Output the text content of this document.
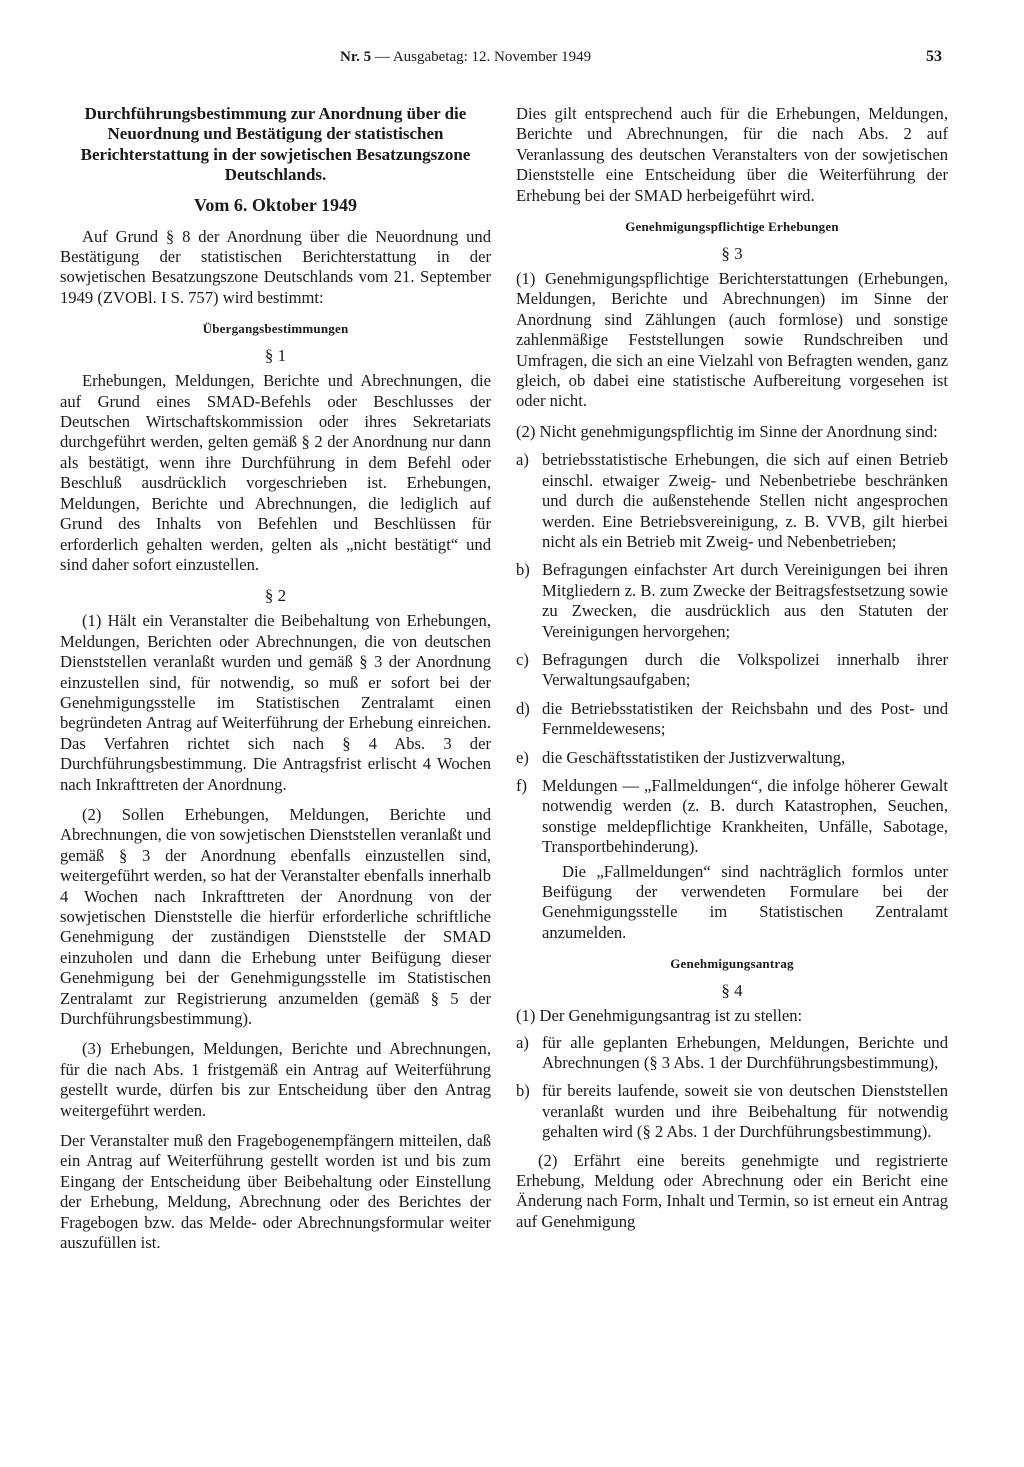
Nr. 5 — Ausgabetag: 12. November 1949	53
Durchführungsbestimmung zur Anordnung über die Neuordnung und Bestätigung der statistischen Berichterstattung in der sowjetischen Besatzungszone Deutschlands.
Vom 6. Oktober 1949

Auf Grund § 8 der Anordnung über die Neuordnung und Bestätigung der statistischen Berichterstattung in der sowjetischen Besatzungszone Deutschlands vom 21. September 1949 (ZVOBl. I S. 757) wird bestimmt:

Übergangsbestimmungen
§ 1

Erhebungen, Meldungen, Berichte und Abrechnungen, die auf Grund eines SMAD-Befehls oder Beschlusses der Deutschen Wirtschaftskommission oder ihres Sekretariats durchgeführt werden, gelten gemäß § 2 der Anordnung nur dann als bestätigt, wenn ihre Durchführung in dem Befehl oder Beschluß ausdrücklich vorgeschrieben ist. Erhebungen, Meldungen, Berichte und Abrechnungen, die lediglich auf Grund des Inhalts von Befehlen und Beschlüssen für erforderlich gehalten werden, gelten als „nicht bestätigt“ und sind daher sofort einzustellen.

§ 2

(1) Hält ein Veranstalter die Beibehaltung von Erhebungen, Meldungen, Berichten oder Abrechnungen, die von deutschen Dienststellen veranlaßt wurden und gemäß § 3 der Anordnung einzustellen sind, für notwendig, so muß er sofort bei der Genehmigungsstelle im Statistischen Zentralamt einen begründeten Antrag auf Weiterführung der Erhebung einreichen. Das Verfahren richtet sich nach § 4 Abs. 3 der Durchführungsbestimmung. Die Antragsfrist erlischt 4 Wochen nach Inkrafttreten der Anordnung.

(2) Sollen Erhebungen, Meldungen, Berichte und Abrechnungen, die von sowjetischen Dienststellen veranlaßt und gemäß § 3 der Anordnung ebenfalls einzustellen sind, weitergeführt werden, so hat der Veranstalter ebenfalls innerhalb 4 Wochen nach Inkrafttreten der Anordnung von der sowjetischen Dienststelle die hierfür erforderliche schriftliche Genehmigung der zuständigen Dienststelle der SMAD einzuholen und dann die Erhebung unter Beifügung dieser Genehmigung bei der Genehmigungsstelle im Statistischen Zentralamt zur Registrierung anzumelden (gemäß § 5 der Durchführungsbestimmung).

(3) Erhebungen, Meldungen, Berichte und Abrechnungen, für die nach Abs. 1 fristgemäß ein Antrag auf Weiterführung gestellt wurde, dürfen bis zur Entscheidung über den Antrag weitergeführt werden.

Der Veranstalter muß den Fragebogenempfängern mitteilen, daß ein Antrag auf Weiterführung gestellt worden ist und bis zum Eingang der Entscheidung über Beibehaltung oder Einstellung der Erhebung, Meldung, Abrechnung oder des Berichtes der Fragebogen bzw. das Melde- oder Abrechnungsformular weiter auszufüllen ist.

Dies gilt entsprechend auch für die Erhebungen, Meldungen, Berichte und Abrechnungen, für die nach Abs. 2 auf Veranlassung des deutschen Veranstalters von der sowjetischen Dienststelle eine Entscheidung über die Weiterführung der Erhebung bei der SMAD herbeigeführt wird.

Genehmigungspflichtige Erhebungen
§ 3

(1) Genehmigungspflichtige Berichterstattungen (Erhebungen, Meldungen, Berichte und Abrechnungen) im Sinne der Anordnung sind Zählungen (auch formlose) und sonstige zahlenmäßige Feststellungen sowie Rundschreiben und Umfragen, die sich an eine Vielzahl von Befragten wenden, ganz gleich, ob dabei eine statistische Aufbereitung vorgesehen ist oder nicht.

(2) Nicht genehmigungspflichtig im Sinne der Anordnung sind:

a) betriebsstatistische Erhebungen, die sich auf einen Betrieb einschl. etwaiger Zweig- und Nebenbetriebe beschränken und durch die außenstehende Stellen nicht angesprochen werden. Eine Betriebsvereinigung, z. B. VVB, gilt hierbei nicht als ein Betrieb mit Zweig- und Nebenbetrieben;
b) Befragungen einfachster Art durch Vereinigungen bei ihren Mitgliedern z. B. zum Zwecke der Beitragsfestsetzung sowie zu Zwecken, die ausdrücklich aus den Statuten der Vereinigungen hervorgehen;
c) Befragungen durch die Volkspolizei innerhalb ihrer Verwaltungsaufgaben;
d) die Betriebsstatistiken der Reichsbahn und des Post- und Fernmeldewesens;
e) die Geschäftsstatistiken der Justizverwaltung,
f) Meldungen — „Fallmeldungen“, die infolge höherer Gewalt notwendig werden (z. B. durch Katastrophen, Seuchen, sonstige meldepflichtige Krankheiten, Unfälle, Sabotage, Transportbehinderung).

Die „Fallmeldungen“ sind nachträglich formlos unter Beifügung der verwendeten Formulare bei der Genehmigungsstelle im Statistischen Zentralamt anzumelden.

Genehmigungsantrag
§ 4

(1) Der Genehmigungsantrag ist zu stellen:

a) für alle geplanten Erhebungen, Meldungen, Berichte und Abrechnungen (§ 3 Abs. 1 der Durchführungsbestimmung),
b) für bereits laufende, soweit sie von deutschen Dienststellen veranlaßt wurden und ihre Beibehaltung für notwendig gehalten wird (§ 2 Abs. 1 der Durchführungsbestimmung).

(2) Erfährt eine bereits genehmigte und registrierte Erhebung, Meldung oder Abrechnung oder ein Bericht eine Änderung nach Form, Inhalt und Termin, so ist erneut ein Antrag auf Genehmigung
